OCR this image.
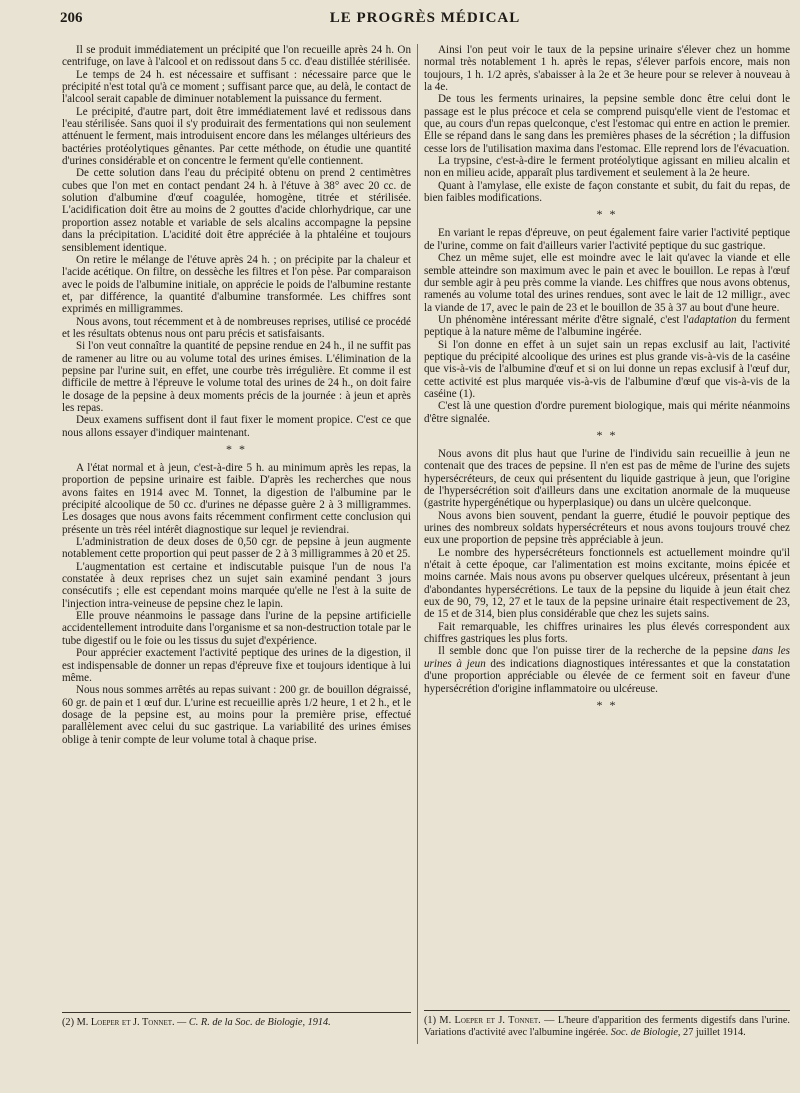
206	LE PROGRÈS MÉDICAL

Il se produit immédiatement un précipité que l'on recueille après 24 h. On centrifuge, on lave à l'alcool et on redissout dans 5 cc. d'eau distillée stérilisée.

Le temps de 24 h. est nécessaire et suffisant : nécessaire parce que le précipité n'est total qu'à ce moment ; suffisant parce que, au delà, le contact de l'alcool serait capable de diminuer notablement la puissance du ferment.

Le précipité, d'autre part, doit être immédiatement lavé et redissous dans l'eau stérilisée. Sans quoi il s'y produirait des fermentations qui non seulement atténuent le ferment, mais introduisent encore dans les mélanges ultérieurs des bactéries protéolytiques gênantes. Par cette méthode, on étudie une quantité d'urines considérable et on concentre le ferment qu'elle contiennent.

De cette solution dans l'eau du précipité obtenu on prend 2 centimètres cubes que l'on met en contact pendant 24 h. à l'étuve à 38° avec 20 cc. de solution d'albumine d'œuf coagulée, homogène, titrée et stérilisée. L'acidification doit être au moins de 2 gouttes d'acide chlorhydrique, car une proportion assez notable et variable de sels alcalins accompagne la pepsine dans la précipitation. L'acidité doit être appréciée à la phtaléine et toujours sensiblement identique.

On retire le mélange de l'étuve après 24 h. ; on précipite par la chaleur et l'acide acétique. On filtre, on dessèche les filtres et l'on pèse. Par comparaison avec le poids de l'albumine initiale, on apprécie le poids de l'albumine restante et, par différence, la quantité d'albumine transformée. Les chiffres sont exprimés en milligrammes.

Nous avons, tout récemment et à de nombreuses reprises, utilisé ce procédé et les résultats obtenus nous ont paru précis et satisfaisants.

Si l'on veut connaître la quantité de pepsine rendue en 24 h., il ne suffit pas de ramener au litre ou au volume total des urines émises. L'élimination de la pepsine par l'urine suit, en effet, une courbe très irrégulière. Et comme il est difficile de mettre à l'épreuve le volume total des urines de 24 h., on doit faire le dosage de la pepsine à deux moments précis de la journée : à jeun et après les repas.

Deux examens suffisent dont il faut fixer le moment propice. C'est ce que nous allons essayer d'indiquer maintenant.

* *

A l'état normal et à jeun, c'est-à-dire 5 h. au minimum après les repas, la proportion de pepsine urinaire est faible. D'après les recherches que nous avons faites en 1914 avec M. Tonnet, la digestion de l'albumine par le précipité alcoolique de 50 cc. d'urines ne dépasse guère 2 à 3 milligrammes. Les dosages que nous avons faits récemment confirment cette conclusion qui présente un très réel intérêt diagnostique sur lequel je reviendrai.

L'administration de deux doses de 0,50 cgr. de pepsine à jeun augmente notablement cette proportion qui peut passer de 2 à 3 milligrammes à 20 et 25.

L'augmentation est certaine et indiscutable puisque l'un de nous l'a constatée à deux reprises chez un sujet sain examiné pendant 3 jours consécutifs ; elle est cependant moins marquée qu'elle ne l'est à la suite de l'injection intra-veineuse de pepsine chez le lapin.

Elle prouve néanmoins le passage dans l'urine de la pepsine artificielle accidentellement introduite dans l'organisme et sa non-destruction totale par le tube digestif ou le foie ou les tissus du sujet d'expérience.

Pour apprécier exactement l'activité peptique des urines de la digestion, il est indispensable de donner un repas d'épreuve fixe et toujours identique à lui même.

Nous nous sommes arrêtés au repas suivant : 200 gr. de bouillon dégraissé, 60 gr. de pain et 1 œuf dur. L'urine est recueillie après 1/2 heure, 1 et 2 h., et le dosage de la pepsine est, au moins pour la première prise, effectué parallèlement avec celui du suc gastrique. La variabilité des urines émises oblige à tenir compte de leur volume total à chaque prise.

(2) M. Loeper et J. Tonnet. — C. R. de la Soc. de Biologie, 1914.

Ainsi l'on peut voir le taux de la pepsine urinaire s'élever chez un homme normal très notablement 1 h. après le repas, s'élever parfois encore, mais non toujours, 1 h. 1/2 après, s'abaisser à la 2e et 3e heure pour se relever à nouveau à la 4e.

De tous les ferments urinaires, la pepsine semble donc être celui dont le passage est le plus précoce et cela se comprend puisqu'elle vient de l'estomac et que, au cours d'un repas quelconque, c'est l'estomac qui entre en action le premier. Elle se répand dans le sang dans les premières phases de la sécrétion ; la diffusion cesse lors de l'utilisation maxima dans l'estomac. Elle reprend lors de l'évacuation.

La trypsine, c'est-à-dire le ferment protéolytique agissant en milieu alcalin et non en milieu acide, apparaît plus tardivement et seulement à la 2e heure.

Quant à l'amylase, elle existe de façon constante et subit, du fait du repas, de bien faibles modifications.

* *

En variant le repas d'épreuve, on peut également faire varier l'activité peptique de l'urine, comme on fait d'ailleurs varier l'activité peptique du suc gastrique.

Chez un même sujet, elle est moindre avec le lait qu'avec la viande et elle semble atteindre son maximum avec le pain et avec le bouillon. Le repas à l'œuf dur semble agir à peu près comme la viande. Les chiffres que nous avons obtenus, ramenés au volume total des urines rendues, sont avec le lait de 12 milligr., avec la viande de 17, avec le pain de 23 et le bouillon de 35 à 37 au bout d'une heure.

Un phénomène intéressant mérite d'être signalé, c'est l'adaptation du ferment peptique à la nature même de l'albumine ingérée.

Si l'on donne en effet à un sujet sain un repas exclusif au lait, l'activité peptique du précipité alcoolique des urines est plus grande vis-à-vis de la caséine que vis-à-vis de l'albumine d'œuf et si on lui donne un repas exclusif à l'œuf dur, cette activité est plus marquée vis-à-vis de l'albumine d'œuf que vis-à-vis de la caséine (1).

C'est là une question d'ordre purement biologique, mais qui mérite néanmoins d'être signalée.

* *

Nous avons dit plus haut que l'urine de l'individu sain recueillie à jeun ne contenait que des traces de pepsine. Il n'en est pas de même de l'urine des sujets hypersécréteurs, de ceux qui présentent du liquide gastrique à jeun, que l'origine de l'hypersécrétion soit d'ailleurs dans une excitation anormale de la muqueuse (gastrite hypergénétique ou hyperplasique) ou dans un ulcère quelconque.

Nous avons bien souvent, pendant la guerre, étudié le pouvoir peptique des urines des nombreux soldats hypersécréteurs et nous avons toujours trouvé chez eux une proportion de pepsine très appréciable à jeun.

Le nombre des hypersécréteurs fonctionnels est actuellement moindre qu'il n'était à cette époque, car l'alimentation est moins excitante, moins épicée et moins carnée. Mais nous avons pu observer quelques ulcéreux, présentant à jeun d'abondantes hypersécrétions. Le taux de la pepsine du liquide à jeun était chez eux de 90, 79, 12, 27 et le taux de la pepsine urinaire était respectivement de 23, de 15 et de 314, bien plus considérable que chez les sujets sains.

Fait remarquable, les chiffres urinaires les plus élevés correspondent aux chiffres gastriques les plus forts.

Il semble donc que l'on puisse tirer de la recherche de la pepsine dans les urines à jeun des indications diagnostiques intéressantes et que la constatation d'une proportion appréciable ou élevée de ce ferment soit en faveur d'une hypersécrétion d'origine inflammatoire ou ulcéreuse.

* *

(1) M. Loeper et J. Tonnet. — L'heure d'apparition des ferments digestifs dans l'urine. Variations d'activité avec l'albumine ingérée. Soc. de Biologie, 27 juillet 1914.
